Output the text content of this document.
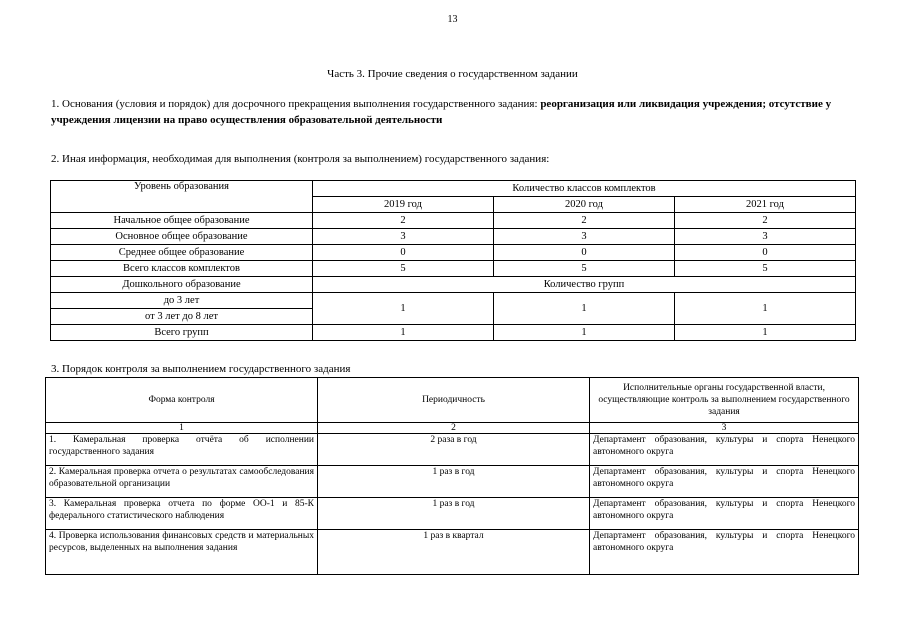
13
Часть 3. Прочие сведения о государственном задании
1. Основания (условия и порядок) для досрочного прекращения выполнения государственного задания: реорганизация или ликвидация учреждения; отсутствие у учреждения лицензии на право осуществления образовательной деятельности
2. Иная информация, необходимая для выполнения (контроля за выполнением) государственного задания:
Уровень образования	Количество классов комплектов		
	2019 год	2020 год	2021 год
Начальное общее образование	2	2	2
Основное общее образование	3	3	3
Среднее общее образование	0	0	0
Всего классов комплектов	5	5	5
Дошкольного образование	Количество групп		
до 3 лет	1	1	1
от 3 лет до 8 лет			
Всего групп	1	1	1
3. Порядок контроля за выполнением государственного задания
Форма контроля	Периодичность	Исполнительные органы государственной власти, осуществляющие контроль за выполнением государственного задания
1	2	3
1. Камеральная проверка отчёта об исполнении государственного задания	2 раза в год	Департамент образования, культуры и спорта Ненецкого автономного округа
2. Камеральная проверка отчета о результатах самообследования образовательной организации	1 раз в год	Департамент образования, культуры и спорта Ненецкого автономного округа
3. Камеральная проверка отчета по форме ОО-1 и 85-К федерального статистического наблюдения	1 раз в год	Департамент образования, культуры и спорта Ненецкого автономного округа
4. Проверка использования финансовых средств и материальных ресурсов, выделенных на выполнения задания	1 раз в квартал	Департамент образования, культуры и спорта Ненецкого автономного округа
